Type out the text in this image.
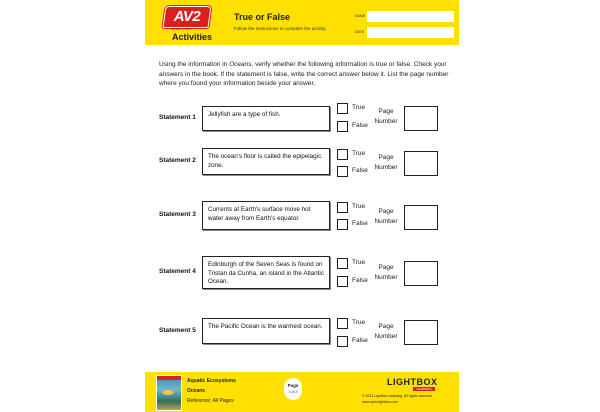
AV2
NONFICTION
Activities
True or False
Follow the instructions to complete the activity.
NAME
DATE
Using the information in Oceans, verify whether the following information is true or false. Check your answers in the book. If the statement is false, write the correct answer below it. List the page number where you found your information beside your answer.
Statement 1	Jellyfish are a type of fish.
True
False
Page
Number
Statement 2
The ocean's floor is called the epipelagic zone.
True
False
Page
Number
Statement 3
Currents at Earth's surface move hot water away from Earth's equator.
True
False
Page
Number
Statement 4
Edinburgh of the Seven Seas is found on Tristan da Cunha, an island in the Atlantic Ocean.
True
False
Page
Number
Statement 5
The Pacific Ocean is the warmest ocean.
True
False
Page
Number
Aquatic Ecosystems
Oceans
Reference: All Pages
Page
1 of 2
LIGHTBOX
LEARNING
© 2021 Lightbox Learning. All rights reserved.
www.openlightbox.com
